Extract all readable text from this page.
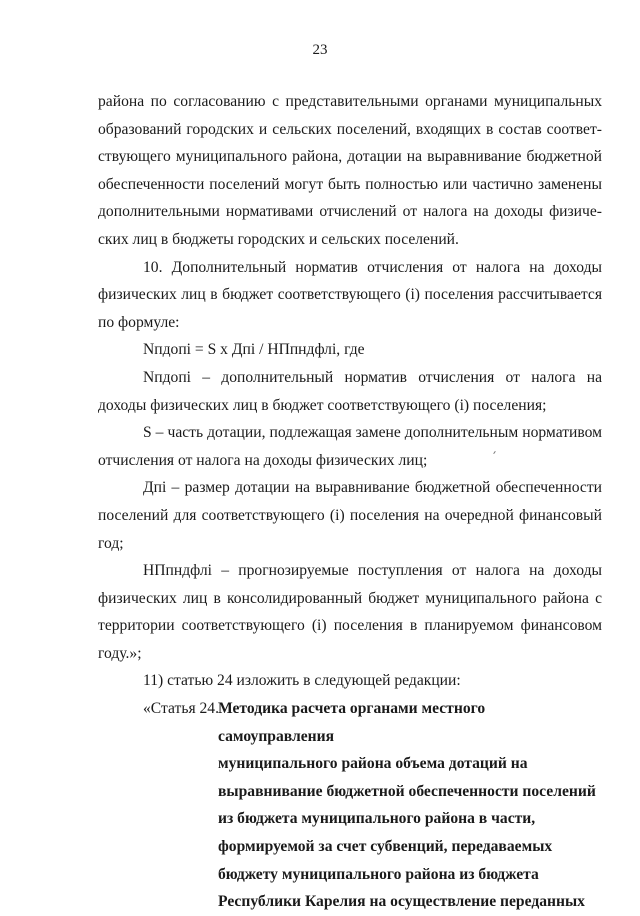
23

района по согласованию с представительными органами муниципальных образований городских и сельских поселений, входящих в состав соответствующего муниципального района, дотации на выравнивание бюджетной обеспеченности поселений могут быть полностью или частично заменены дополнительными нормативами отчислений от налога на доходы физических лиц в бюджеты городских и сельских поселений.

10. Дополнительный норматив отчисления от налога на доходы физических лиц в бюджет соответствующего (i) поселения рассчитывается по формуле:

Nпдопi = S x Дпi / НПпндфлi, где

Nпдопi – дополнительный норматив отчисления от налога на доходы физических лиц в бюджет соответствующего (i) поселения;

S – часть дотации, подлежащая замене дополнительным нормативом отчисления от налога на доходы физических лиц;

Дпi – размер дотации на выравнивание бюджетной обеспеченности поселений для соответствующего (i) поселения на очередной финансовый год;

НПпндфлi – прогнозируемые поступления от налога на доходы физических лиц в консолидированный бюджет муниципального района с территории соответствующего (i) поселения в планируемом финансовом году.»;

11) статью 24 изложить в следующей редакции:

«Статья 24.
Методика расчета органами местного самоуправления
муниципального района объема дотаций на
выравнивание бюджетной обеспеченности поселений
из бюджета муниципального района в части,
формируемой за счет субвенций, передаваемых
бюджету муниципального района из бюджета
Республики Карелия на осуществление переданных
